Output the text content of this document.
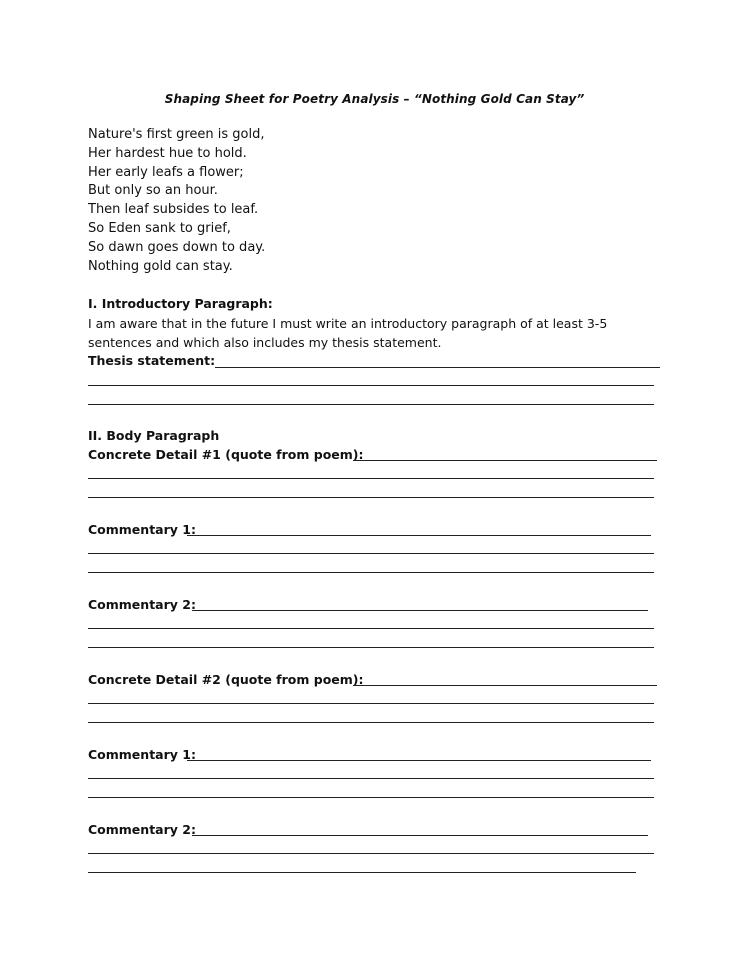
Shaping Sheet for Poetry Analysis – “Nothing Gold Can Stay”
Nature's first green is gold,
Her hardest hue to hold.
Her early leafs a flower;
But only so an hour.
Then leaf subsides to leaf.
So Eden sank to grief,
So dawn goes down to day.
Nothing gold can stay.
I. Introductory Paragraph:
I am aware that in the future I must write an introductory paragraph of at least 3-5
sentences and which also includes my thesis statement.
Thesis statement:
II. Body Paragraph
Concrete Detail #1 (quote from poem):
Commentary 1:
Commentary 2:
Concrete Detail #2 (quote from poem):
Commentary 1:
Commentary 2:
